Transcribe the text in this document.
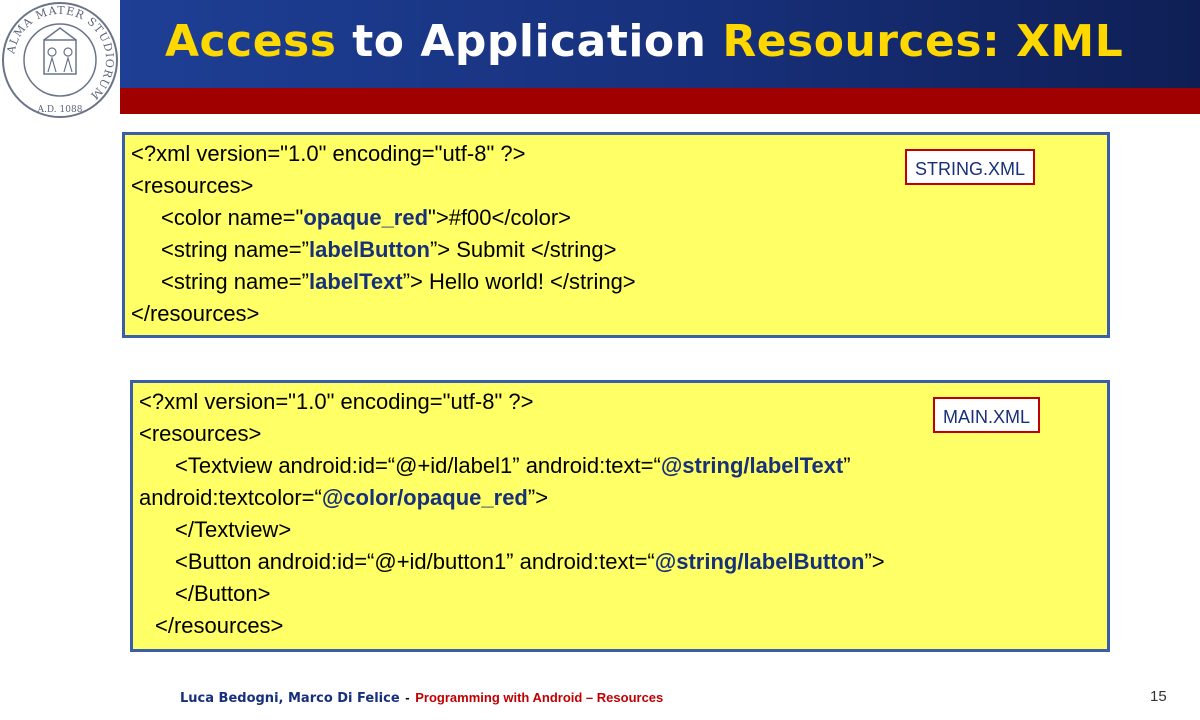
ALMA MATER STUDIORUM
A.D. 1088
Access to Application Resources: XML
<?xml version="1.0" encoding="utf-8" ?>
<resources>
<color name="opaque_red">#f00</color>
<string name=”labelButton”> Submit </string>
<string name=”labelText”> Hello world! </string>
</resources>
STRING.XML
<?xml version="1.0" encoding="utf-8" ?>
<resources>
<Textview android:id=“@+id/label1” android:text=“@string/labelText”
android:textcolor=“@color/opaque_red”>
</Textview>
<Button android:id=“@+id/button1” android:text=“@string/labelButton”>
</Button>
</resources>
MAIN.XML
Luca Bedogni, Marco Di Felice - Programming with Android – Resources	15
